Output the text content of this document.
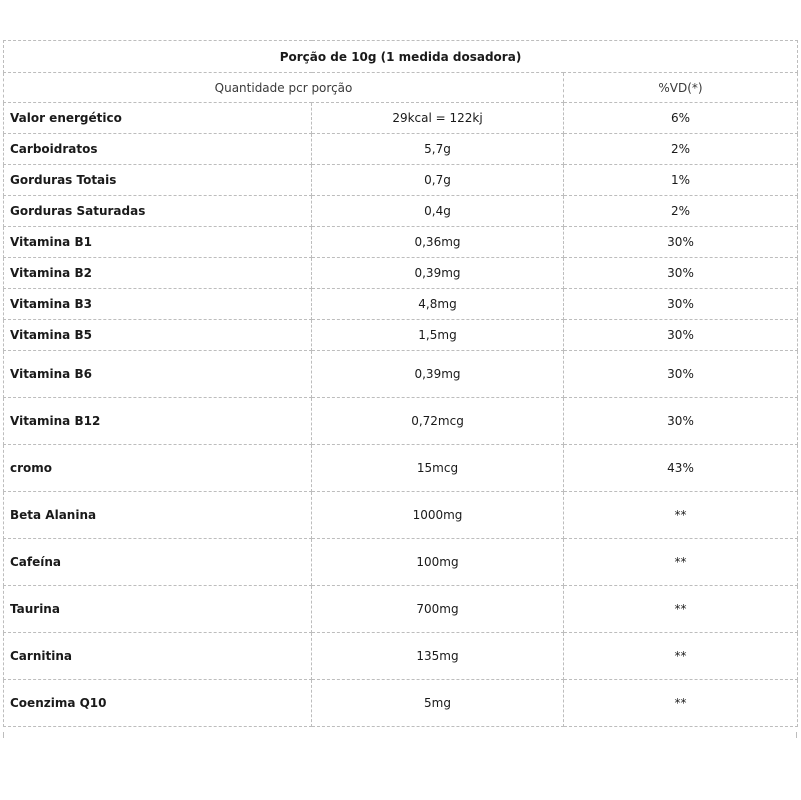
Porção de 10g (1 medida dosadora)		
Quantidade pcr porção		%VD(*)
Valor energético	29kcal = 122kj	6%
Carboidratos	5,7g	2%
Gorduras Totais	0,7g	1%
Gorduras Saturadas	0,4g	2%
Vitamina B1	0,36mg	30%
Vitamina B2	0,39mg	30%
Vitamina B3	4,8mg	30%
Vitamina B5	1,5mg	30%
Vitamina B6	0,39mg	30%
Vitamina B12	0,72mcg	30%
cromo	15mcg	43%
Beta Alanina	1000mg	**
Cafeína	100mg	**
Taurina	700mg	**
Carnitina	135mg	**
Coenzima Q10	5mg	**
